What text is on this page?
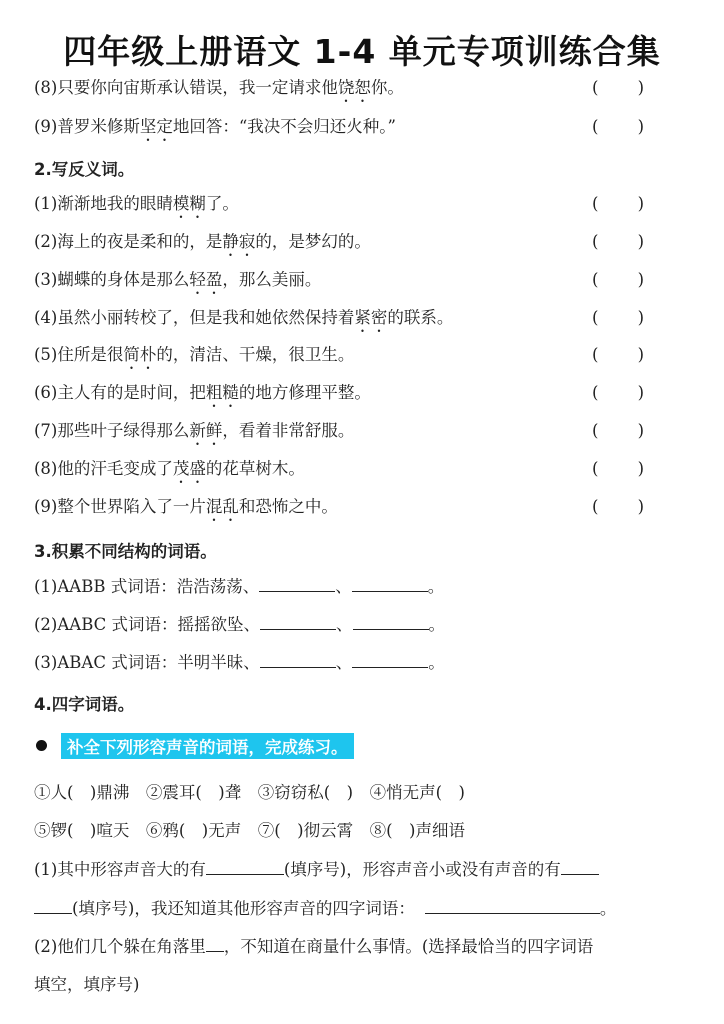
四年级上册语文 1-4 单元专项训练合集
(8)只要你向宙斯承认错误，我一定请求他饶恕你。	( )
(9)普罗米修斯坚定地回答：“我决不会归还火种。”	( )
2.写反义词。
(1)渐渐地我的眼睛模糊了。	( )
(2)海上的夜是柔和的，是静寂的，是梦幻的。	( )
(3)蝴蝶的身体是那么轻盈，那么美丽。	( )
(4)虽然小丽转校了，但是我和她依然保持着紧密的联系。	( )
(5)住所是很简朴的，清洁、干燥，很卫生。	( )
(6)主人有的是时间，把粗糙的地方修理平整。	( )
(7)那些叶子绿得那么新鲜，看着非常舒服。	( )
(8)他的汗毛变成了茂盛的花草树木。	( )
(9)整个世界陷入了一片混乱和恐怖之中。	( )
3.积累不同结构的词语。
(1)AABB 式词语：浩浩荡荡、	、	。
(2)AABC 式词语：摇摇欲坠、	、	。
(3)ABAC 式词语：半明半昧、	、	。
4.四字词语。
补全下列形容声音的词语，完成练习。
①人(　)鼎沸　②震耳(　)聋　③窃窃私(　)　④悄无声(　)
⑤锣(　)喧天　⑥鸦(　)无声　⑦(　)彻云霄　⑧(　)声细语
(1)其中形容声音大的有	(填序号)，形容声音小或没有声音的有
(填序号)，我还知道其他形容声音的四字词语：	。
(2)他们几个躲在角落里 ，不知道在商量什么事情。(选择最恰当的四字词语
填空，填序号)
